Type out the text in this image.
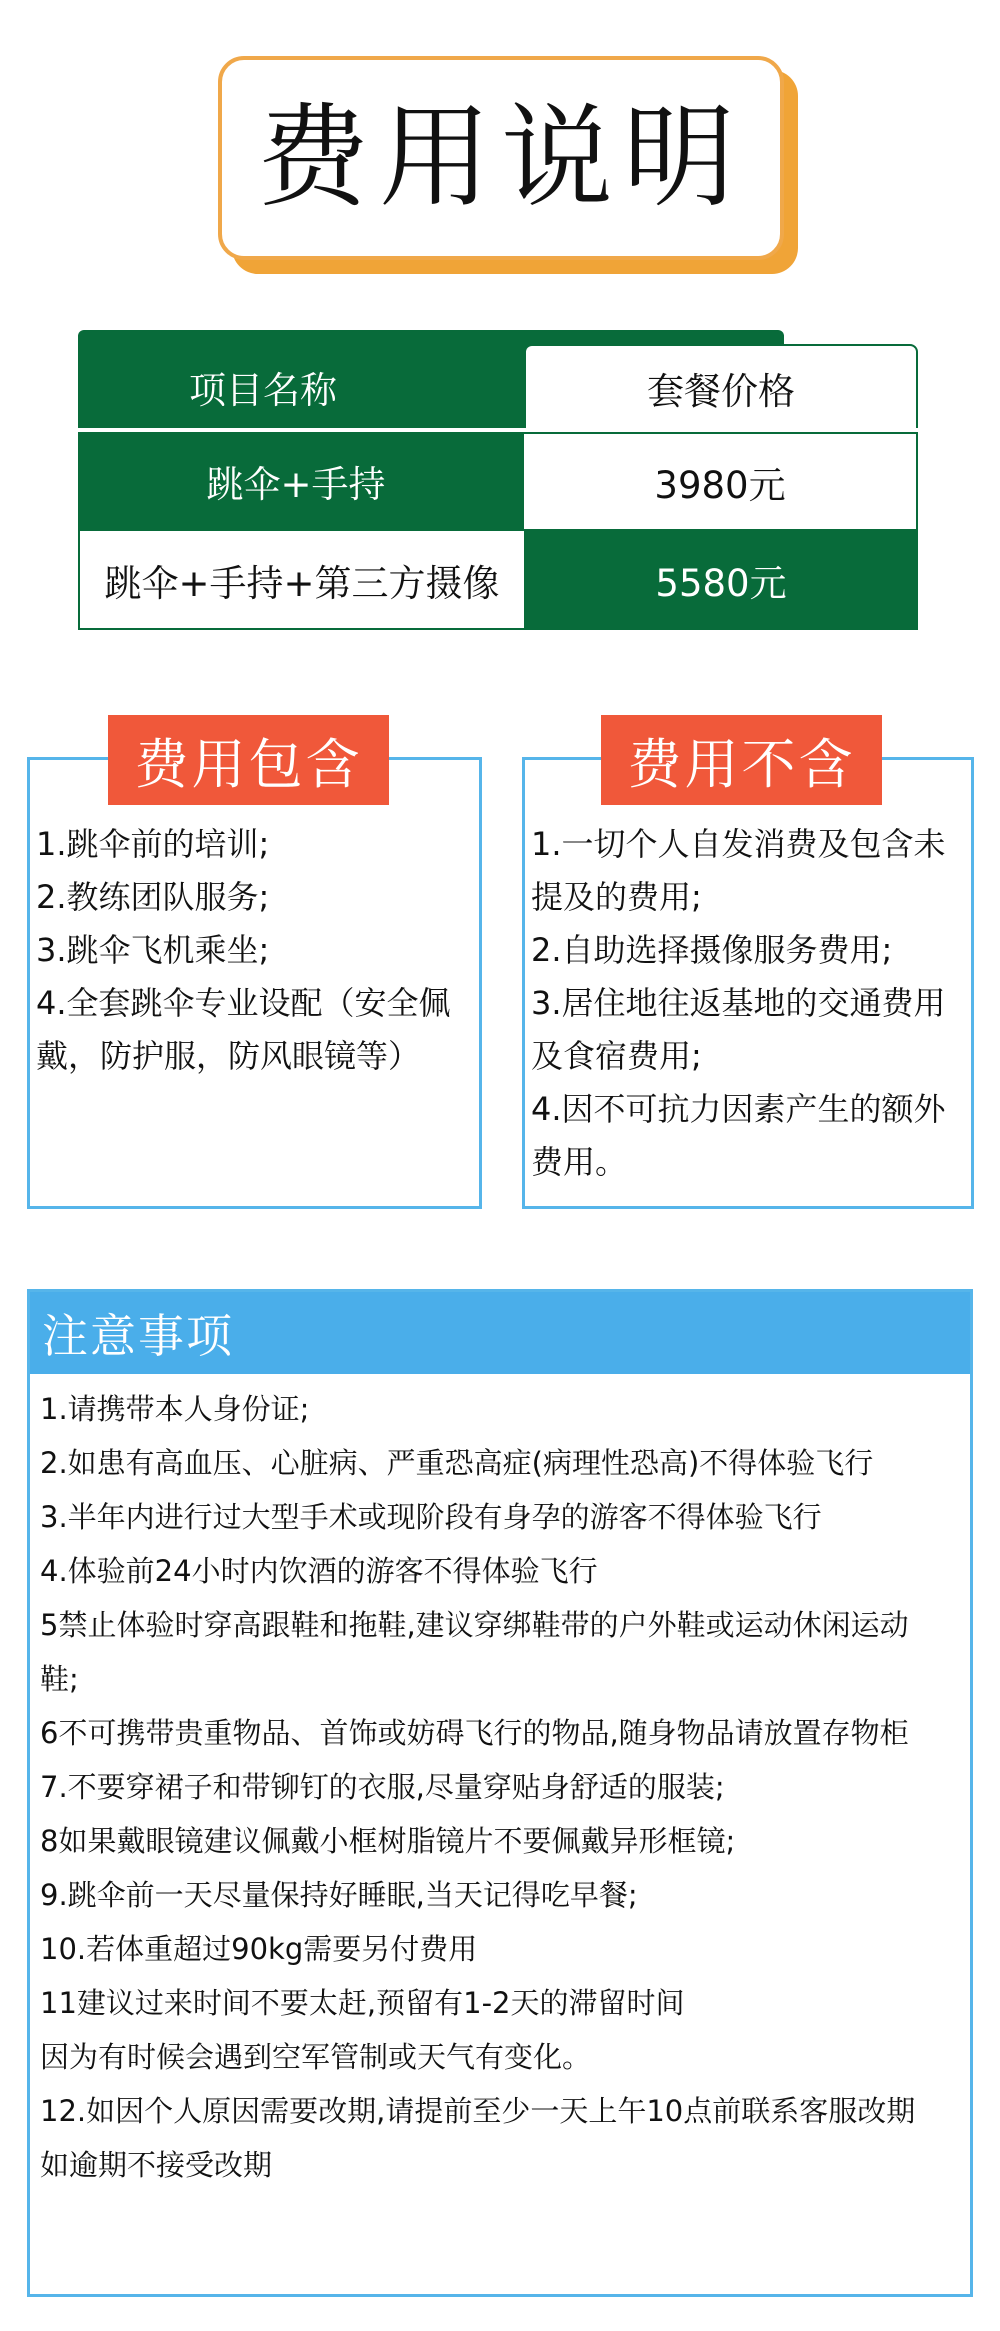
费用说明
项目名称	套餐价格
跳伞+手持	3980元
跳伞+手持+第三方摄像	5580元
费用包含
1.跳伞前的培训;
2.教练团队服务;
3.跳伞飞机乘坐;
4.全套跳伞专业设配（安全佩
戴，防护服，防风眼镜等）
费用不含
1.一切个人自发消费及包含未
提及的费用;
2.自助选择摄像服务费用;
3.居住地往返基地的交通费用
及食宿费用;
4.因不可抗力因素产生的额外
费用。
注意事项
1.请携带本人身份证;
2.如患有高血压、心脏病、严重恐高症(病理性恐高)不得体验飞行
3.半年内进行过大型手术或现阶段有身孕的游客不得体验飞行
4.体验前24小时内饮酒的游客不得体验飞行
5禁止体验时穿高跟鞋和拖鞋,建议穿绑鞋带的户外鞋或运动休闲运动
鞋;
6不可携带贵重物品、首饰或妨碍飞行的物品,随身物品请放置存物柜
7.不要穿裙子和带铆钉的衣服,尽量穿贴身舒适的服装;
8如果戴眼镜建议佩戴小框树脂镜片不要佩戴异形框镜;
9.跳伞前一天尽量保持好睡眠,当天记得吃早餐;
10.若体重超过90kg需要另付费用
11建议过来时间不要太赶,预留有1-2天的滞留时间
因为有时候会遇到空军管制或天气有变化。
12.如因个人原因需要改期,请提前至少一天上午10点前联系客服改期
如逾期不接受改期
